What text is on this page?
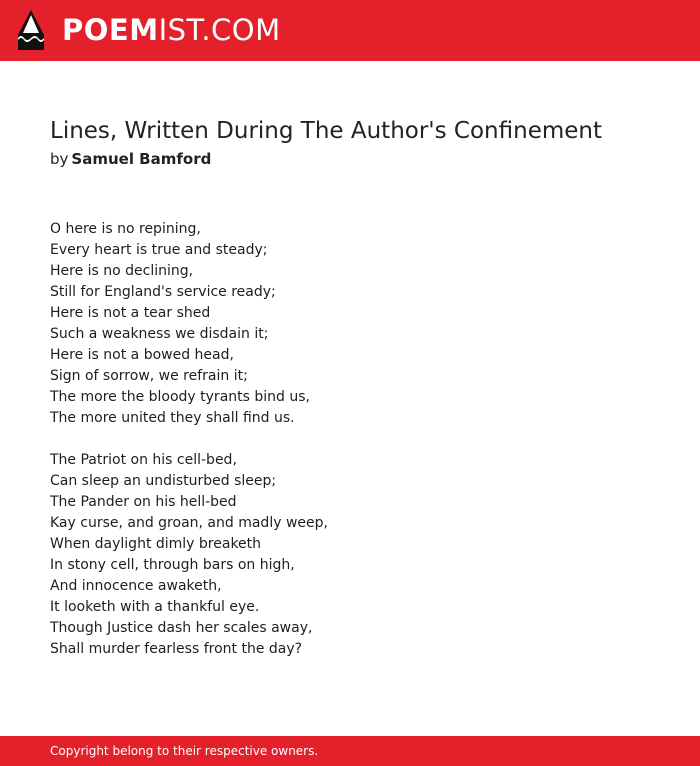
POEMIST.COM
Lines, Written During The Author's Confinement
by Samuel Bamford
O here is no repining,
Every heart is true and steady;
Here is no declining,
Still for England's service ready;
Here is not a tear shed
Such a weakness we disdain it;
Here is not a bowed head,
Sign of sorrow, we refrain it;
The more the bloody tyrants bind us,
The more united they shall find us.
The Patriot on his cell-bed,
Can sleep an undisturbed sleep;
The Pander on his hell-bed
Kay curse, and groan, and madly weep,
When daylight dimly breaketh
In stony cell, through bars on high,
And innocence awaketh,
It looketh with a thankful eye.
Though Justice dash her scales away,
Shall murder fearless front the day?
Copyright belong to their respective owners.
